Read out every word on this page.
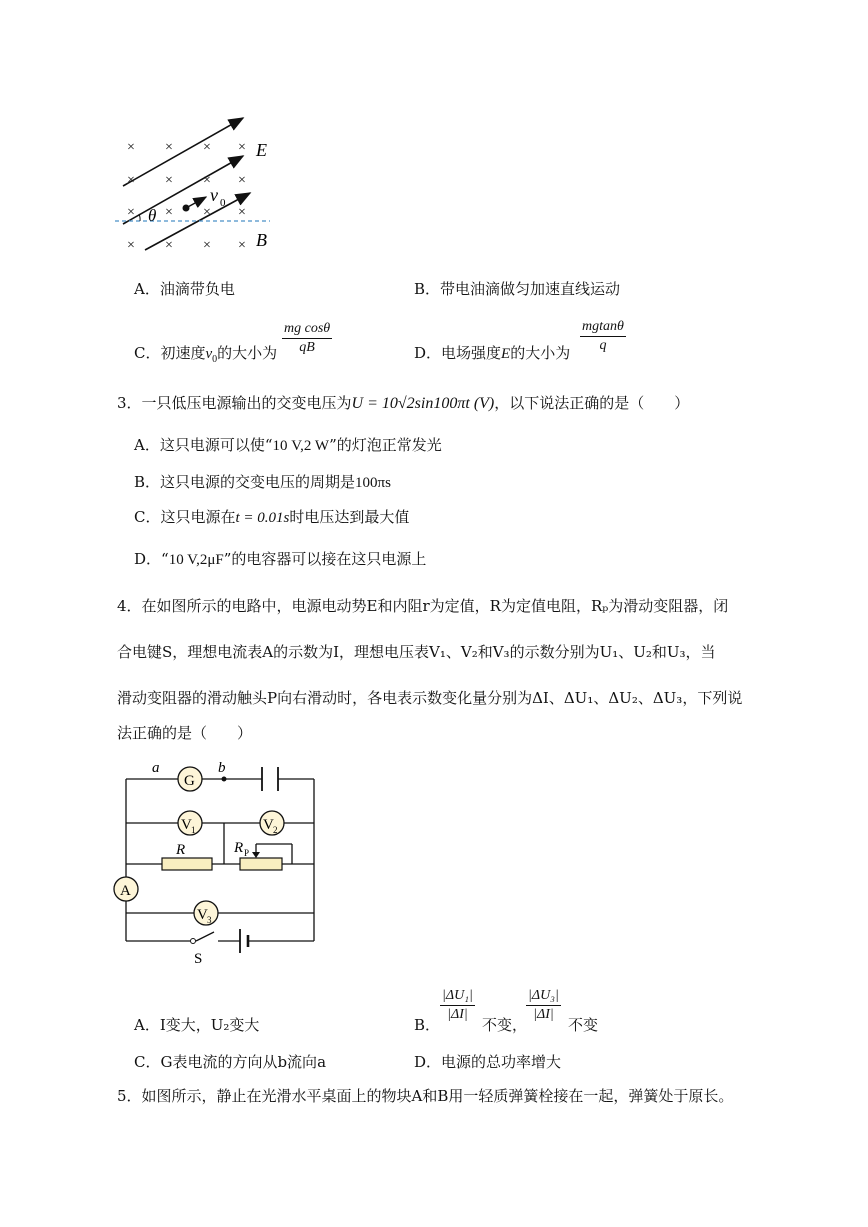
× × × ×
× × × ×
× × × ×
× × × ×
θ
v 0
E
B
A．油滴带负电	B．带电油滴做匀加速直线运动
C．初速度$v_0$的大小为 $\frac{\text{mg cosθ}}{qB}$	D．电场强度E的大小为 $\frac{mgtan\theta}{q}$
3．一只低压电源输出的交变电压为U = 10√2sin100πt (V)，以下说法正确的是（　　）
A．这只电源可以使“10 V,2 W”的灯泡正常发光
B．这只电源的交变电压的周期是100πs
C．这只电源在t = 0.01s时电压达到最大值
D．“10 V,2μF”的电容器可以接在这只电源上
4．在如图所示的电路中，电源电动势E和内阻r为定值，R为定值电阻，Rₚ为滑动变阻器，闭
合电键S，理想电流表A的示数为I，理想电压表V₁、V₂和V₃的示数分别为U₁、U₂和U₃，当
滑动变阻器的滑动触头P向右滑动时，各电表示数变化量分别为ΔI、ΔU₁、ΔU₂、ΔU₃，下列说
法正确的是（　　）
G
V 1	V 2
R	R P
A
V 3
a	b
S
A．I变大，U₂变大	B．
$\frac{\text{|ΔU₁|}}{|\Delta I|}$
不变，
$\frac{\text{|ΔU₃|}}{|\Delta I|}$
不变
C．G表电流的方向从b流向a	D．电源的总功率增大
5．如图所示，静止在光滑水平桌面上的物块A和B用一轻质弹簧栓接在一起，弹簧处于原长。
